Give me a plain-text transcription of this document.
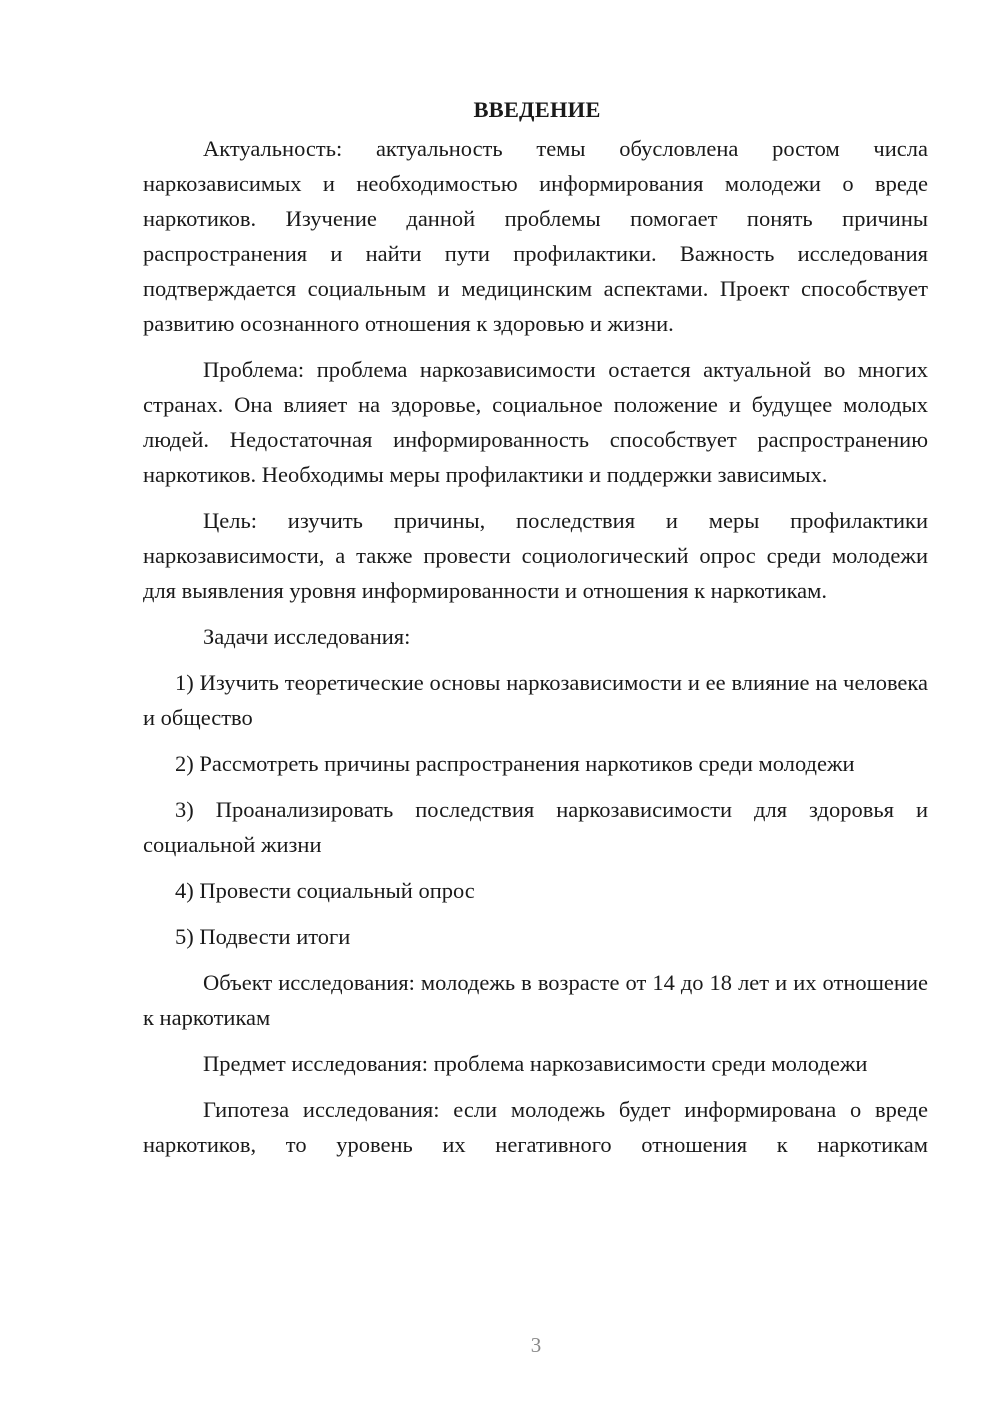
ВВЕДЕНИЕ

Актуальность: актуальность темы обусловлена ростом числа наркозависимых и необходимостью информирования молодежи о вреде наркотиков. Изучение данной проблемы помогает понять причины распространения и найти пути профилактики. Важность исследования подтверждается социальным и медицинским аспектами. Проект способствует развитию осознанного отношения к здоровью и жизни.

Проблема: проблема наркозависимости остается актуальной во многих странах. Она влияет на здоровье, социальное положение и будущее молодых людей. Недостаточная информированность способствует распространению наркотиков. Необходимы меры профилактики и поддержки зависимых.

Цель: изучить причины, последствия и меры профилактики наркозависимости, а также провести социологический опрос среди молодежи для выявления уровня информированности и отношения к наркотикам.

Задачи исследования:

1) Изучить теоретические основы наркозависимости и ее влияние на человека и общество

2) Рассмотреть причины распространения наркотиков среди молодежи

3) Проанализировать последствия наркозависимости для здоровья и социальной жизни

4) Провести социальный опрос

5) Подвести итоги

Объект исследования: молодежь в возрасте от 14 до 18 лет и их отношение к наркотикам

Предмет исследования: проблема наркозависимости среди молодежи

Гипотеза исследования: если молодежь будет информирована о вреде наркотиков, то уровень их негативного отношения к наркотикам

3
